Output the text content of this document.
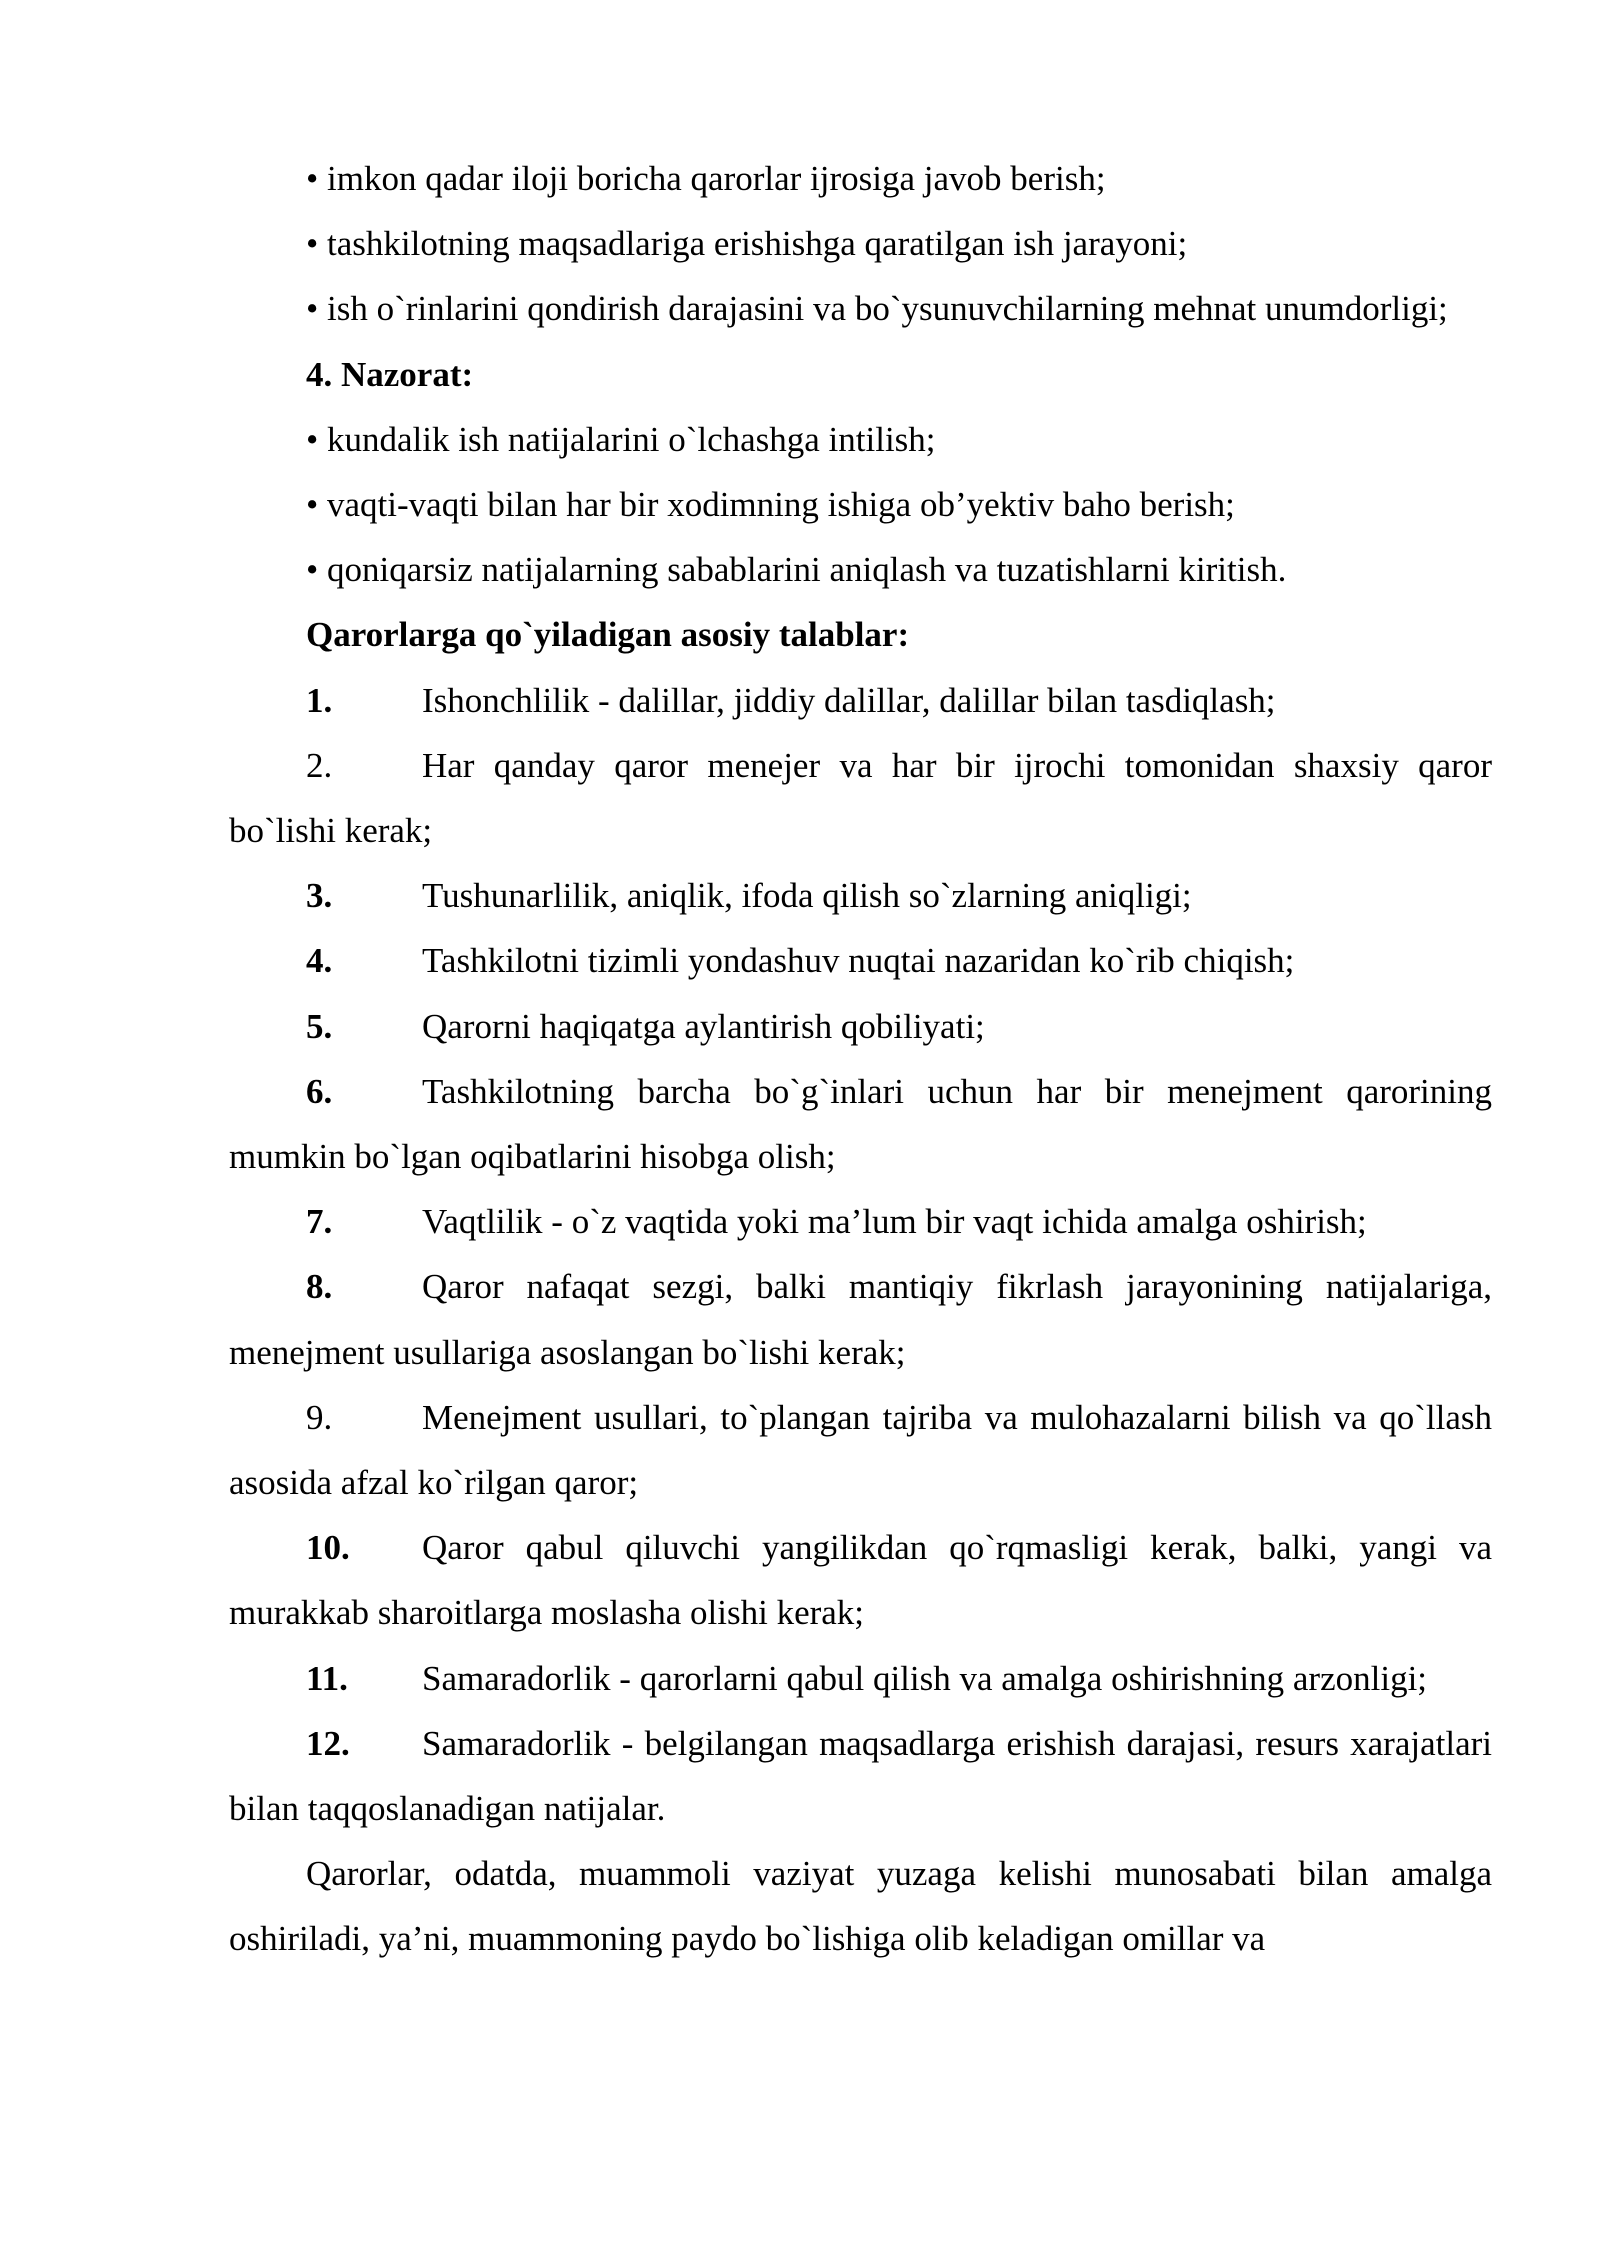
• imkon qadar iloji boricha qarorlar ijrosiga javob berish;

• tashkilotning maqsadlariga erishishga qaratilgan ish jarayoni;

• ish o`rinlarini qondirish darajasini va bo`ysunuvchilarning mehnat unumdorligi;

4. Nazorat:

• kundalik ish natijalarini o`lchashga intilish;

• vaqti-vaqti bilan har bir xodimning ishiga ob’yektiv baho berish;

• qoniqarsiz natijalarning sabablarini aniqlash va tuzatishlarni kiritish.

Qarorlarga qo`yiladigan asosiy talablar:

1.	Ishonchlilik - dalillar, jiddiy dalillar, dalillar bilan tasdiqlash;

2.	Har qanday qaror menejer va har bir ijrochi tomonidan shaxsiy qaror bo`lishi kerak;

3.	Tushunarlilik, aniqlik, ifoda qilish so`zlarning aniqligi;

4.	Tashkilotni tizimli yondashuv nuqtai nazaridan ko`rib chiqish;

5.	Qarorni haqiqatga aylantirish qobiliyati;

6.	Tashkilotning barcha bo`g`inlari uchun har bir menejment qarorining mumkin bo`lgan oqibatlarini hisobga olish;

7.	Vaqtlilik - o`z vaqtida yoki ma’lum bir vaqt ichida amalga oshirish;

8.	Qaror nafaqat sezgi, balki mantiqiy fikrlash jarayonining natijalariga, menejment usullariga asoslangan bo`lishi kerak;

9.	Menejment usullari, to`plangan tajriba va mulohazalarni bilish va qo`llash asosida afzal ko`rilgan qaror;

10. Qaror qabul qiluvchi yangilikdan qo`rqmasligi kerak, balki, yangi va murakkab sharoitlarga moslasha olishi kerak;

11. Samaradorlik - qarorlarni qabul qilish va amalga oshirishning arzonligi;

12. Samaradorlik - belgilangan maqsadlarga erishish darajasi, resurs xarajatlari bilan taqqoslanadigan natijalar.

Qarorlar, odatda, muammoli vaziyat yuzaga kelishi munosabati bilan amalga oshiriladi, ya’ni, muammoning paydo bo`lishiga olib keladigan omillar va
